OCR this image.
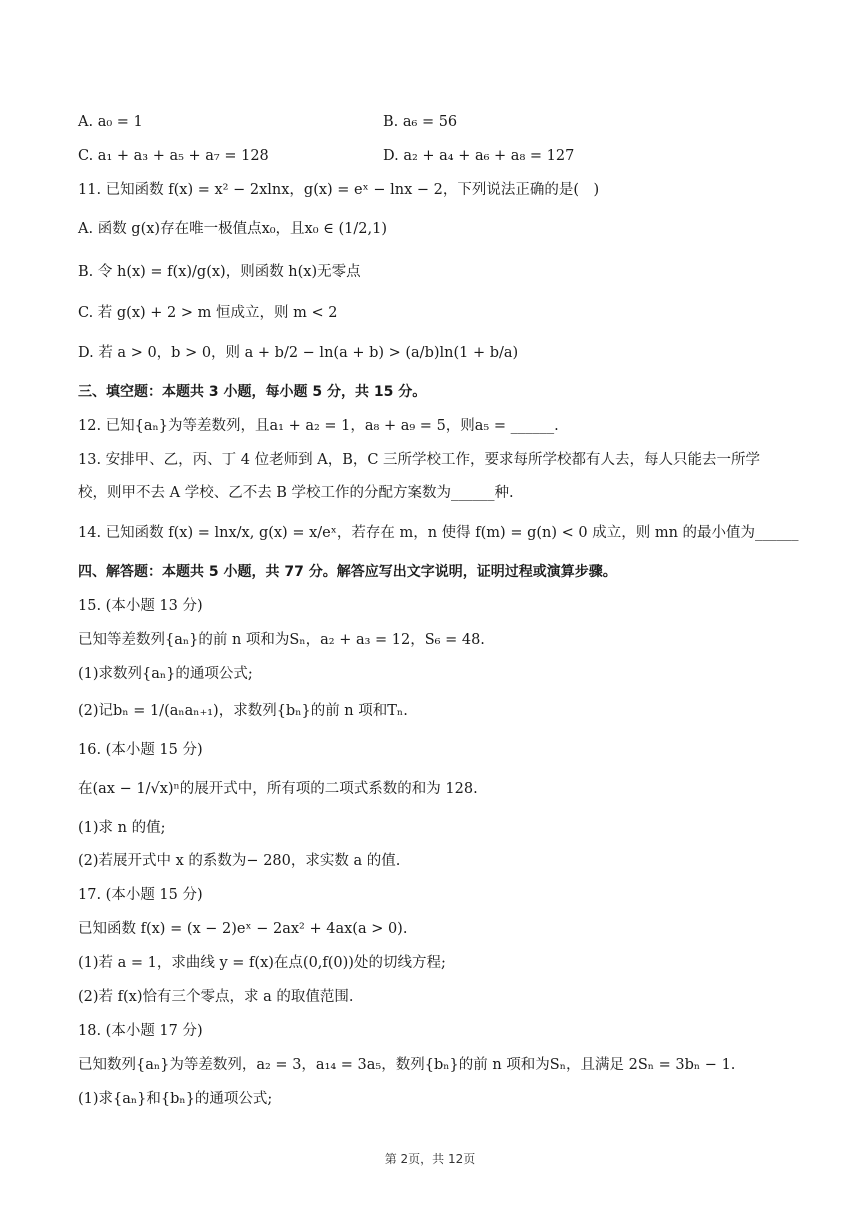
A. a₀ = 1	B. a₆ = 56
C. a₁ + a₃ + a₅ + a₇ = 128	D. a₂ + a₄ + a₆ + a₈ = 127
11. 已知函数 f(x) = x² − 2xlnx，g(x) = eˣ − lnx − 2，下列说法正确的是(　)
A. 函数 g(x)存在唯一极值点x₀，且x₀ ∈ (1/2,1)
B. 令 h(x) = f(x)/g(x)，则函数 h(x)无零点
C. 若 g(x) + 2 > m 恒成立，则 m < 2
D. 若 a > 0，b > 0，则 a + b/2 − ln(a + b) > (a/b)ln(1 + b/a)
三、填空题：本题共 3 小题，每小题 5 分，共 15 分。
12. 已知{aₙ}为等差数列，且a₁ + a₂ = 1，a₈ + a₉ = 5，则a₅ = ______.
13. 安排甲、乙，丙、丁 4 位老师到 A，B，C 三所学校工作，要求每所学校都有人去，每人只能去一所学
校，则甲不去 A 学校、乙不去 B 学校工作的分配方案数为______种.
14. 已知函数 f(x) = lnx/x, g(x) = x/eˣ，若存在 m，n 使得 f(m) = g(n) < 0 成立，则 mn 的最小值为______
四、解答题：本题共 5 小题，共 77 分。解答应写出文字说明，证明过程或演算步骤。
15. (本小题 13 分)
已知等差数列{aₙ}的前 n 项和为Sₙ，a₂ + a₃ = 12，S₆ = 48.
(1)求数列{aₙ}的通项公式;
(2)记bₙ = 1/(aₙaₙ₊₁)，求数列{bₙ}的前 n 项和Tₙ.
16. (本小题 15 分)
在(ax − 1/√x)ⁿ的展开式中，所有项的二项式系数的和为 128.
(1)求 n 的值;
(2)若展开式中 x 的系数为− 280，求实数 a 的值.
17. (本小题 15 分)
已知函数 f(x) = (x − 2)eˣ − 2ax² + 4ax(a > 0).
(1)若 a = 1，求曲线 y = f(x)在点(0,f(0))处的切线方程;
(2)若 f(x)恰有三个零点，求 a 的取值范围.
18. (本小题 17 分)
已知数列{aₙ}为等差数列，a₂ = 3，a₁₄ = 3a₅，数列{bₙ}的前 n 项和为Sₙ，且满足 2Sₙ = 3bₙ − 1.
(1)求{aₙ}和{bₙ}的通项公式;
第 2页，共 12页
